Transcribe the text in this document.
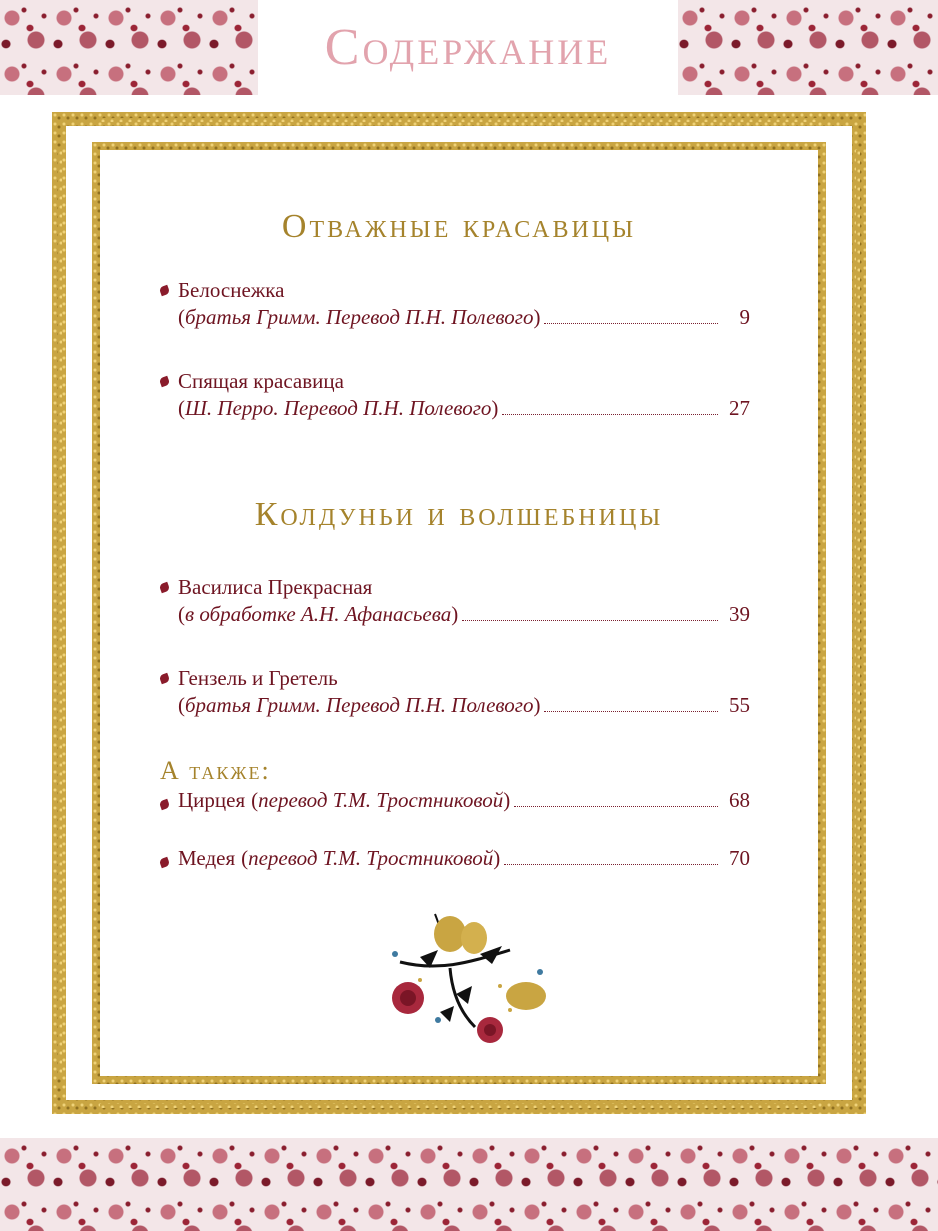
Содержание
Отважные красавицы
Белоснежка
( братья Гримм. Перевод П.Н. Полевого )	9
Спящая красавица
( Ш. Перро. Перевод П.Н. Полевого )	27
Колдуньи и волшебницы
Василиса Прекрасная
( в обработке А.Н. Афанасьева )	39
Гензель и Гретель
( братья Гримм. Перевод П.Н. Полевого )	55
А также:
Цирцея ( перевод Т.М. Тростниковой )	68
Медея ( перевод Т.М. Тростниковой )	70
